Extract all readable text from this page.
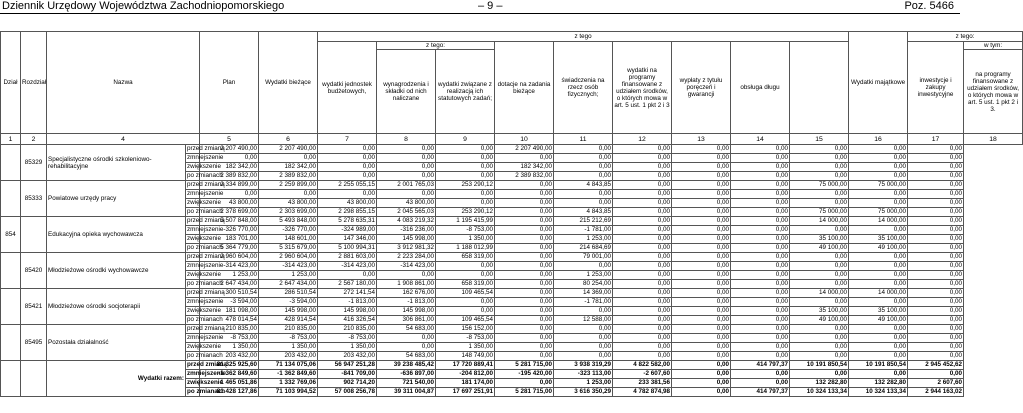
Dziennik Urzędowy Województwa Zachodniopomorskiego	– 9 –	Poz. 5466
Dział	Rozdział	Nazwa		Plan	Wydatki bieżące	z tego									Wydatki majątkowe	z tego:		
						wydatki jednostek budżetowych,	z tego:		dotacje na zadania bieżące	świadczenia na rzecz osób fizycznych;	wydatki na programy finansowane z udziałem środków, o których mowa w art. 5 ust. 1 pkt 2 i 3	wypłaty z tytułu poręczeń i gwarancji	obsługa długu			inwestycje i zakupy inwestycyjne	w tym:	
							wynagrodzenia i składki od nich naliczane	wydatki związane z realizacją ich statutowych zadań;									na programy finansowane z udziałem środków, o których mowa w art. 5 ust. 1 pkt 2 i 3.	

1	2	4		5	6	7	8	9	10	11	12	13	14	15	16	17	18	
	85329	Specjalistyczne ośrodki szkoleniowo-rehabilitacyjne	przed zmianą	2 207 490,00	2 207 490,00	0,00	0,00	0,00	2 207 490,00	0,00	0,00	0,00	0,00	0,00	0,00	0,00		
			zmniejszenie	0,00	0,00	0,00	0,00	0,00	0,00	0,00	0,00	0,00	0,00	0,00	0,00	0,00		
			zwiększenie	182 342,00	182 342,00	0,00	0,00	0,00	182 342,00	0,00	0,00	0,00	0,00	0,00	0,00	0,00		
			po zmianach	2 389 832,00	2 389 832,00	0,00	0,00	0,00	2 389 832,00	0,00	0,00	0,00	0,00	0,00	0,00	0,00		
	85333	Powiatowe urzędy pracy	przed zmianą	2 334 899,00	2 259 899,00	2 255 055,15	2 001 765,03	253 290,12	0,00	4 843,85	0,00	0,00	0,00	75 000,00	75 000,00	0,00		
			zmniejszenie	0,00	0,00	0,00	0,00	0,00	0,00	0,00	0,00	0,00	0,00	0,00	0,00	0,00		
			zwiększenie	43 800,00	43 800,00	43 800,00	43 800,00	0,00	0,00	0,00	0,00	0,00	0,00	0,00	0,00	0,00		
			po zmianach	2 378 699,00	2 303 699,00	2 298 855,15	2 045 565,03	253 290,12	0,00	4 843,85	0,00	0,00	0,00	75 000,00	75 000,00	0,00		
854		Edukacyjna opieka wychowawcza	przed zmianą	5 507 848,00	5 493 848,00	5 278 635,31	4 083 219,32	1 195 415,99	0,00	215 212,69	0,00	0,00	0,00	14 000,00	14 000,00	0,00		
			zmniejszenie	-326 770,00	-326 770,00	-324 989,00	-316 236,00	-8 753,00	0,00	-1 781,00	0,00	0,00	0,00	0,00	0,00	0,00		
			zwiększenie	183 701,00	148 601,00	147 346,00	145 998,00	1 350,00	0,00	1 253,00	0,00	0,00	0,00	35 100,00	35 100,00	0,00		
			po zmianach	5 364 779,00	5 315 679,00	5 100 994,31	3 912 981,32	1 188 012,99	0,00	214 684,69	0,00	0,00	0,00	49 100,00	49 100,00	0,00		
	85420	Młodzieżowe ośrodki wychowawcze	przed zmianą	2 960 604,00	2 960 604,00	2 881 603,00	2 223 284,00	658 319,00	0,00	79 001,00	0,00	0,00	0,00	0,00	0,00	0,00		
			zmniejszenie	-314 423,00	-314 423,00	-314 423,00	-314 423,00	0,00	0,00	0,00	0,00	0,00	0,00	0,00	0,00	0,00		
			zwiększenie	1 253,00	1 253,00	0,00	0,00	0,00	0,00	1 253,00	0,00	0,00	0,00	0,00	0,00	0,00		
			po zmianach	2 647 434,00	2 647 434,00	2 567 180,00	1 908 861,00	658 319,00	0,00	80 254,00	0,00	0,00	0,00	0,00	0,00	0,00		
	85421	Młodzieżowe ośrodki socjoterapii	przed zmianą	300 510,54	286 510,54	272 141,54	162 676,00	109 465,54	0,00	14 369,00	0,00	0,00	0,00	14 000,00	14 000,00	0,00		
			zmniejszenie	-3 594,00	-3 594,00	-1 813,00	-1 813,00	0,00	0,00	-1 781,00	0,00	0,00	0,00	0,00	0,00	0,00		
			zwiększenie	181 098,00	145 998,00	145 998,00	145 998,00	0,00	0,00	0,00	0,00	0,00	0,00	35 100,00	35 100,00	0,00		
			po zmianach	478 014,54	428 914,54	416 326,54	306 861,00	109 465,54	0,00	12 588,00	0,00	0,00	0,00	49 100,00	49 100,00	0,00		
	85495	Pozostała działalność	przed zmianą	210 835,00	210 835,00	210 835,00	54 683,00	156 152,00	0,00	0,00	0,00	0,00	0,00	0,00	0,00	0,00		
			zmniejszenie	-8 753,00	-8 753,00	-8 753,00	0,00	-8 753,00	0,00	0,00	0,00	0,00	0,00	0,00	0,00	0,00		
			zwiększenie	1 350,00	1 350,00	1 350,00	0,00	1 350,00	0,00	0,00	0,00	0,00	0,00	0,00	0,00	0,00		
			po zmianach	203 432,00	203 432,00	203 432,00	54 683,00	148 749,00	0,00	0,00	0,00	0,00	0,00	0,00	0,00	0,00		
		Wydatki razem:	przed zmianą	81 325 925,60	71 134 075,06	56 947 251,28	39 238 485,42	17 720 889,41	5 281 715,00	3 938 319,29	4 822 582,00	0,00	414 797,37	10 191 850,54	10 191 850,54	2 945 452,62		
			zmniejszenie	-1 362 849,60	-1 362 849,60	-841 709,00	-636 897,00	-204 812,00	-195 420,00	-323 113,00	-2 607,60	0,00	0,00	0,00	0,00	0,00		
			zwiększenie	1 465 051,86	1 332 769,06	902 714,20	721 540,00	181 174,00	0,00	1 253,00	233 381,56	0,00	0,00	132 282,80	132 282,80	2 607,60		
			po zmianach	81 428 127,86	71 103 994,52	57 008 256,78	39 311 004,87	17 697 251,91	5 281 715,00	3 616 350,29	4 782 874,98	0,00	414 797,37	10 324 133,34	10 324 133,34	2 944 163,02		
